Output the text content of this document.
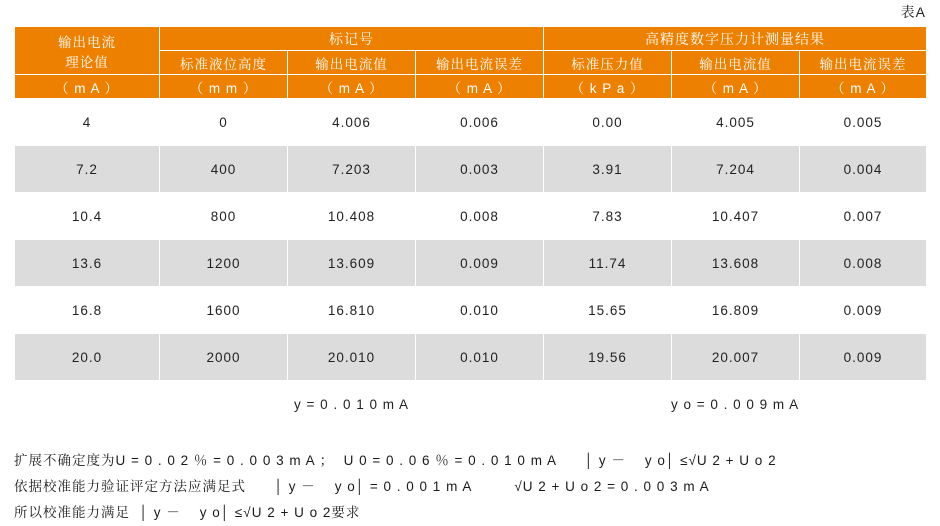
表A
输出电流
理论值	标记号			高精度数字压力计测量结果		
	标准液位高度	输出电流值	输出电流误差	标准压力值	输出电流值	输出电流误差
（ m A ）	（ m m ）	（ m A ）	（ m A ）	（ k P a ）	（ m A ）	（ m A ）
4	0	4.006	0.006	0.00	4.005	0.005
7.2	400	7.203	0.003	3.91	7.204	0.004
10.4	800	10.408	0.008	7.83	10.407	0.007
13.6	1200	13.609	0.009	11.74	13.608	0.008
16.8	1600	16.810	0.010	15.65	16.809	0.009
20.0	2000	20.010	0.010	19.56	20.007	0.009
	y = 0 . 0 1 0 m A			y o = 0 . 0 0 9 m A		
扩展不确定度为U = 0 . 0 2 ％ = 0 . 0 0 3 m A ；  U 0 = 0 . 0 6 ％ = 0 . 0 1 0 m A      │ y －    y o│ ≤√U 2 + U o 2
依据校准能力验证评定方法应满足式      │ y －    y o│ = 0 . 0 0 1 m A         √U 2 + U o 2 = 0 . 0 0 3 m A
所以校准能力满足  │ y －    y o│ ≤√U 2 + U o 2要求
